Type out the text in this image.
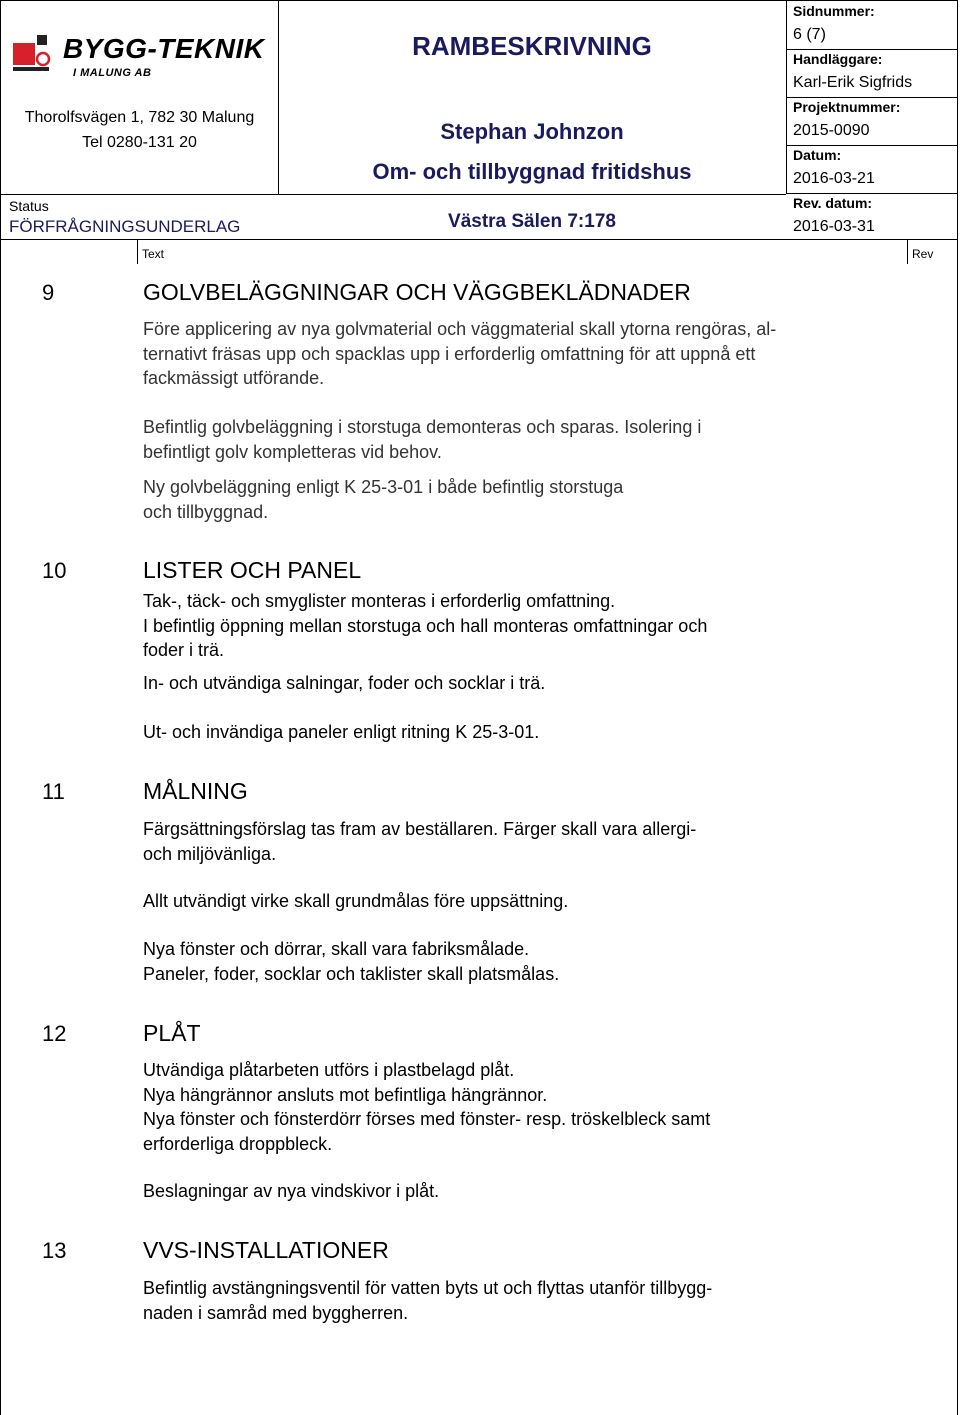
BYGG-TEKNIK
I MALUNG AB
Thorolfsvägen 1, 782 30 Malung
Tel 0280-131 20
RAMBESKRIVNING
Stephan Johnzon
Om- och tillbyggnad fritidshus
Status
FÖRFRÅGNINGSUNDERLAG	Västra Sälen 7:178
Sidnummer:
6 (7)
Handläggare:
Karl-Erik Sigfrids
Projektnummer:
2015-0090
Datum:
2016-03-21
Rev. datum:
2016-03-31
Text	Rev
9	GOLVBELÄGGNINGAR OCH VÄGGBEKLÄDNADER
Före applicering av nya golvmaterial och väggmaterial skall ytorna rengöras, al-
ternativt fräsas upp och spacklas upp i erforderlig omfattning för att uppnå ett
fackmässigt utförande.
Befintlig golvbeläggning i storstuga demonteras och sparas. Isolering i
befintligt golv kompletteras vid behov.
Ny golvbeläggning enligt K 25-3-01 i både befintlig storstuga
och tillbyggnad.
10	LISTER OCH PANEL
Tak-, täck- och smyglister monteras i erforderlig omfattning.
I befintlig öppning mellan storstuga och hall monteras omfattningar och
foder i trä.
In- och utvändiga salningar, foder och socklar i trä.
Ut- och invändiga paneler enligt ritning K 25-3-01.
11	MÅLNING
Färgsättningsförslag tas fram av beställaren. Färger skall vara allergi-
och miljövänliga.
Allt utvändigt virke skall grundmålas före uppsättning.
Nya fönster och dörrar, skall vara fabriksmålade.
Paneler, foder, socklar och taklister skall platsmålas.
12	PLÅT
Utvändiga plåtarbeten utförs i plastbelagd plåt.
Nya hängrännor ansluts mot befintliga hängrännor.
Nya fönster och fönsterdörr förses med fönster- resp. tröskelbleck samt
erforderliga droppbleck.
Beslagningar av nya vindskivor i plåt.
13	VVS-INSTALLATIONER
Befintlig avstängningsventil för vatten byts ut och flyttas utanför tillbygg-
naden i samråd med byggherren.
